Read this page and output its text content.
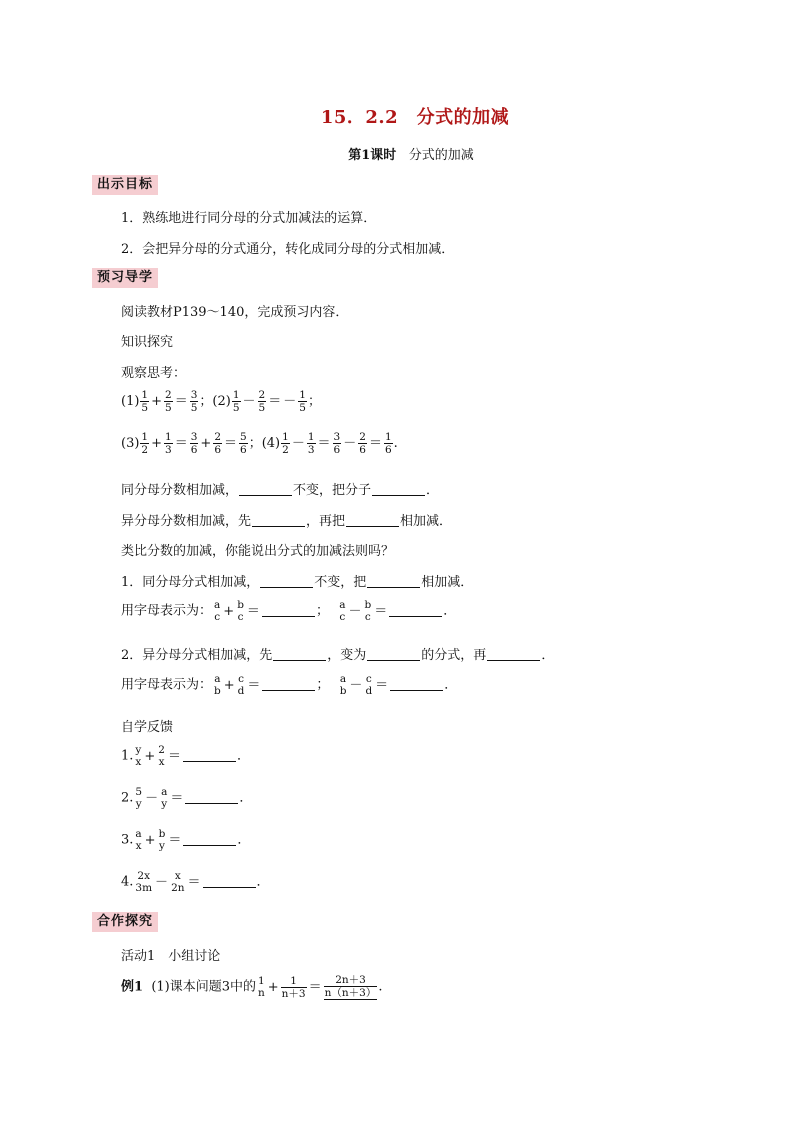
15．2.2　分式的加减
第1课时 分式的加减
出示目标
1．熟练地进行同分母的分式加减法的运算．
2．会把异分母的分式通分，转化成同分母的分式相加减．
预习导学
阅读教材P139～140，完成预习内容．
知识探究
观察思考：
$(1) \frac{1}{5} + \frac{2}{5} = \frac{3}{5}$ ；$(2) \frac{1}{5} - \frac{2}{5}$ ＝ － $\frac{1}{5}$ ；
$(3) \frac{1}{2} + \frac{1}{3} = \frac{3}{6} + \frac{2}{6} = \frac{5}{6}$ ；$(4) \frac{1}{2} - \frac{1}{3} = \frac{3}{6} - \frac{2}{6} = \frac{1}{6}$ .
同分母分数相加减，	不变，把分子	．
异分母分数相加减，先	，再把	相加减．
类比分数的加减，你能说出分式的加减法则吗？
1．同分母分式相加减，	不变，把	相加减．
用字母表示为： a
c + b
c ＝	； a
c － b
c ＝	．
2．异分母分式相加减，先	，变为	的分式，再	．
用字母表示为： a
b + c
d ＝	； a
b － c
d ＝	．
自学反馈
1. y
x + 2
x ＝	．
2. 5
y － a
y ＝	．
3. a
x + b
y ＝	．
4. 2x
3m － x
2n ＝	．
合作探究
活动1　小组讨论
例1 (1)课本问题3中的 1
$n + \frac{1}{n+3} = \frac{2n+3}{n(n+3)}$ .
